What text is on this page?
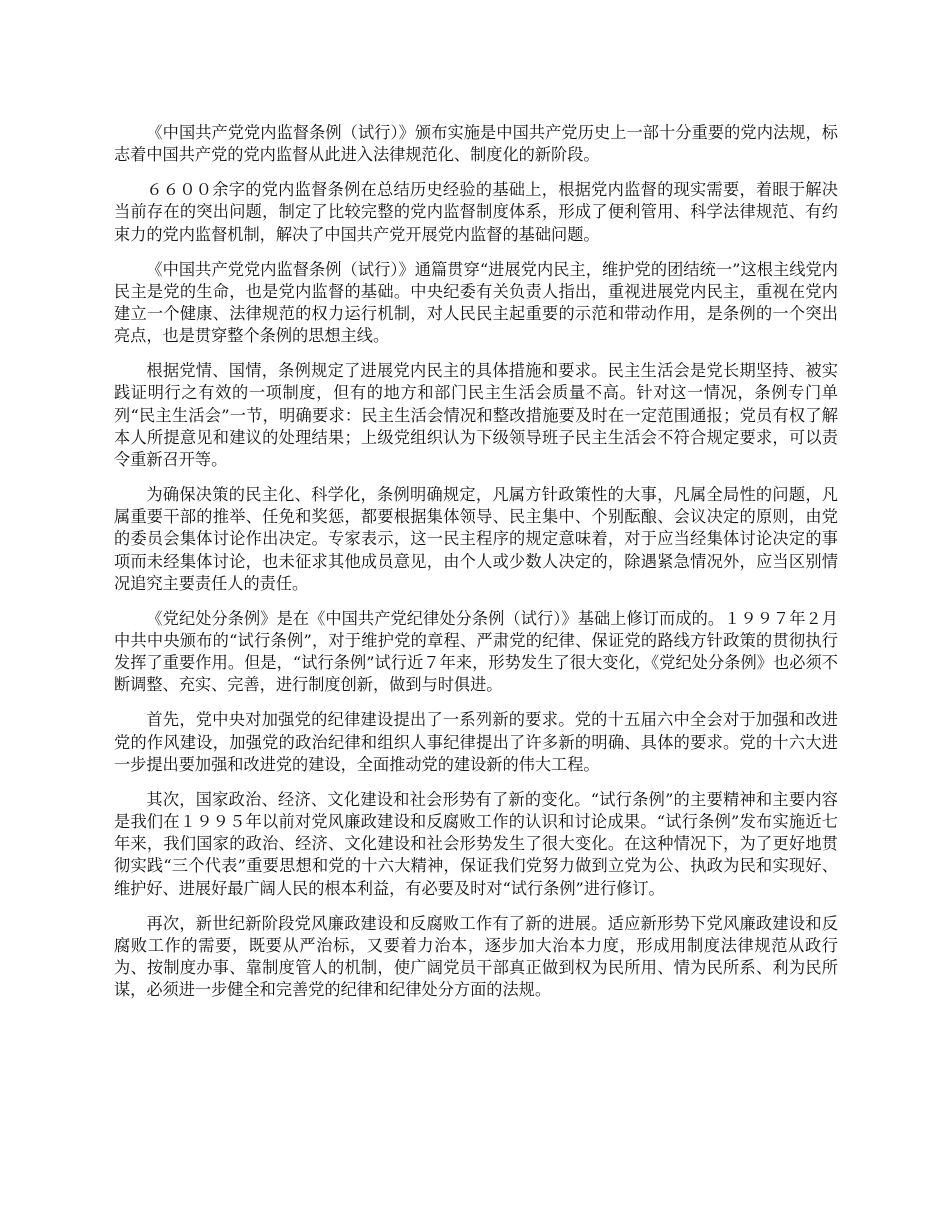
《中国共产党党内监督条例（试行）》颁布实施是中国共产党历史上一部十分重要的党内法规，标志着中国共产党的党内监督从此进入法律规范化、制度化的新阶段。

６６００余字的党内监督条例在总结历史经验的基础上，根据党内监督的现实需要，着眼于解决当前存在的突出问题，制定了比较完整的党内监督制度体系，形成了便利管用、科学法律规范、有约束力的党内监督机制，解决了中国共产党开展党内监督的基础问题。

《中国共产党党内监督条例（试行）》通篇贯穿“进展党内民主，维护党的团结统一”这根主线党内民主是党的生命，也是党内监督的基础。中央纪委有关负责人指出，重视进展党内民主，重视在党内建立一个健康、法律规范的权力运行机制，对人民民主起重要的示范和带动作用，是条例的一个突出亮点，也是贯穿整个条例的思想主线。

根据党情、国情，条例规定了进展党内民主的具体措施和要求。民主生活会是党长期坚持、被实践证明行之有效的一项制度，但有的地方和部门民主生活会质量不高。针对这一情况，条例专门单列“民主生活会”一节，明确要求：民主生活会情况和整改措施要及时在一定范围通报；党员有权了解本人所提意见和建议的处理结果；上级党组织认为下级领导班子民主生活会不符合规定要求，可以责令重新召开等。

为确保决策的民主化、科学化，条例明确规定，凡属方针政策性的大事，凡属全局性的问题，凡属重要干部的推举、任免和奖惩，都要根据集体领导、民主集中、个别酝酿、会议决定的原则，由党的委员会集体讨论作出决定。专家表示，这一民主程序的规定意味着，对于应当经集体讨论决定的事项而未经集体讨论，也未征求其他成员意见，由个人或少数人决定的，除遇紧急情况外，应当区别情况追究主要责任人的责任。

《党纪处分条例》是在《中国共产党纪律处分条例（试行）》基础上修订而成的。１９９７年２月中共中央颁布的“试行条例”，对于维护党的章程、严肃党的纪律、保证党的路线方针政策的贯彻执行发挥了重要作用。但是，“试行条例”试行近７年来，形势发生了很大变化，《党纪处分条例》也必须不断调整、充实、完善，进行制度创新，做到与时俱进。

首先，党中央对加强党的纪律建设提出了一系列新的要求。党的十五届六中全会对于加强和改进党的作风建设，加强党的政治纪律和组织人事纪律提出了许多新的明确、具体的要求。党的十六大进一步提出要加强和改进党的建设，全面推动党的建设新的伟大工程。

其次，国家政治、经济、文化建设和社会形势有了新的变化。“试行条例”的主要精神和主要内容是我们在１９９５年以前对党风廉政建设和反腐败工作的认识和讨论成果。“试行条例”发布实施近七年来，我们国家的政治、经济、文化建设和社会形势发生了很大变化。在这种情况下，为了更好地贯彻实践“三个代表”重要思想和党的十六大精神，保证我们党努力做到立党为公、执政为民和实现好、维护好、进展好最广阔人民的根本利益，有必要及时对“试行条例”进行修订。

再次，新世纪新阶段党风廉政建设和反腐败工作有了新的进展。适应新形势下党风廉政建设和反腐败工作的需要，既要从严治标，又要着力治本，逐步加大治本力度，形成用制度法律规范从政行为、按制度办事、靠制度管人的机制，使广阔党员干部真正做到权为民所用、情为民所系、利为民所谋，必须进一步健全和完善党的纪律和纪律处分方面的法规。
